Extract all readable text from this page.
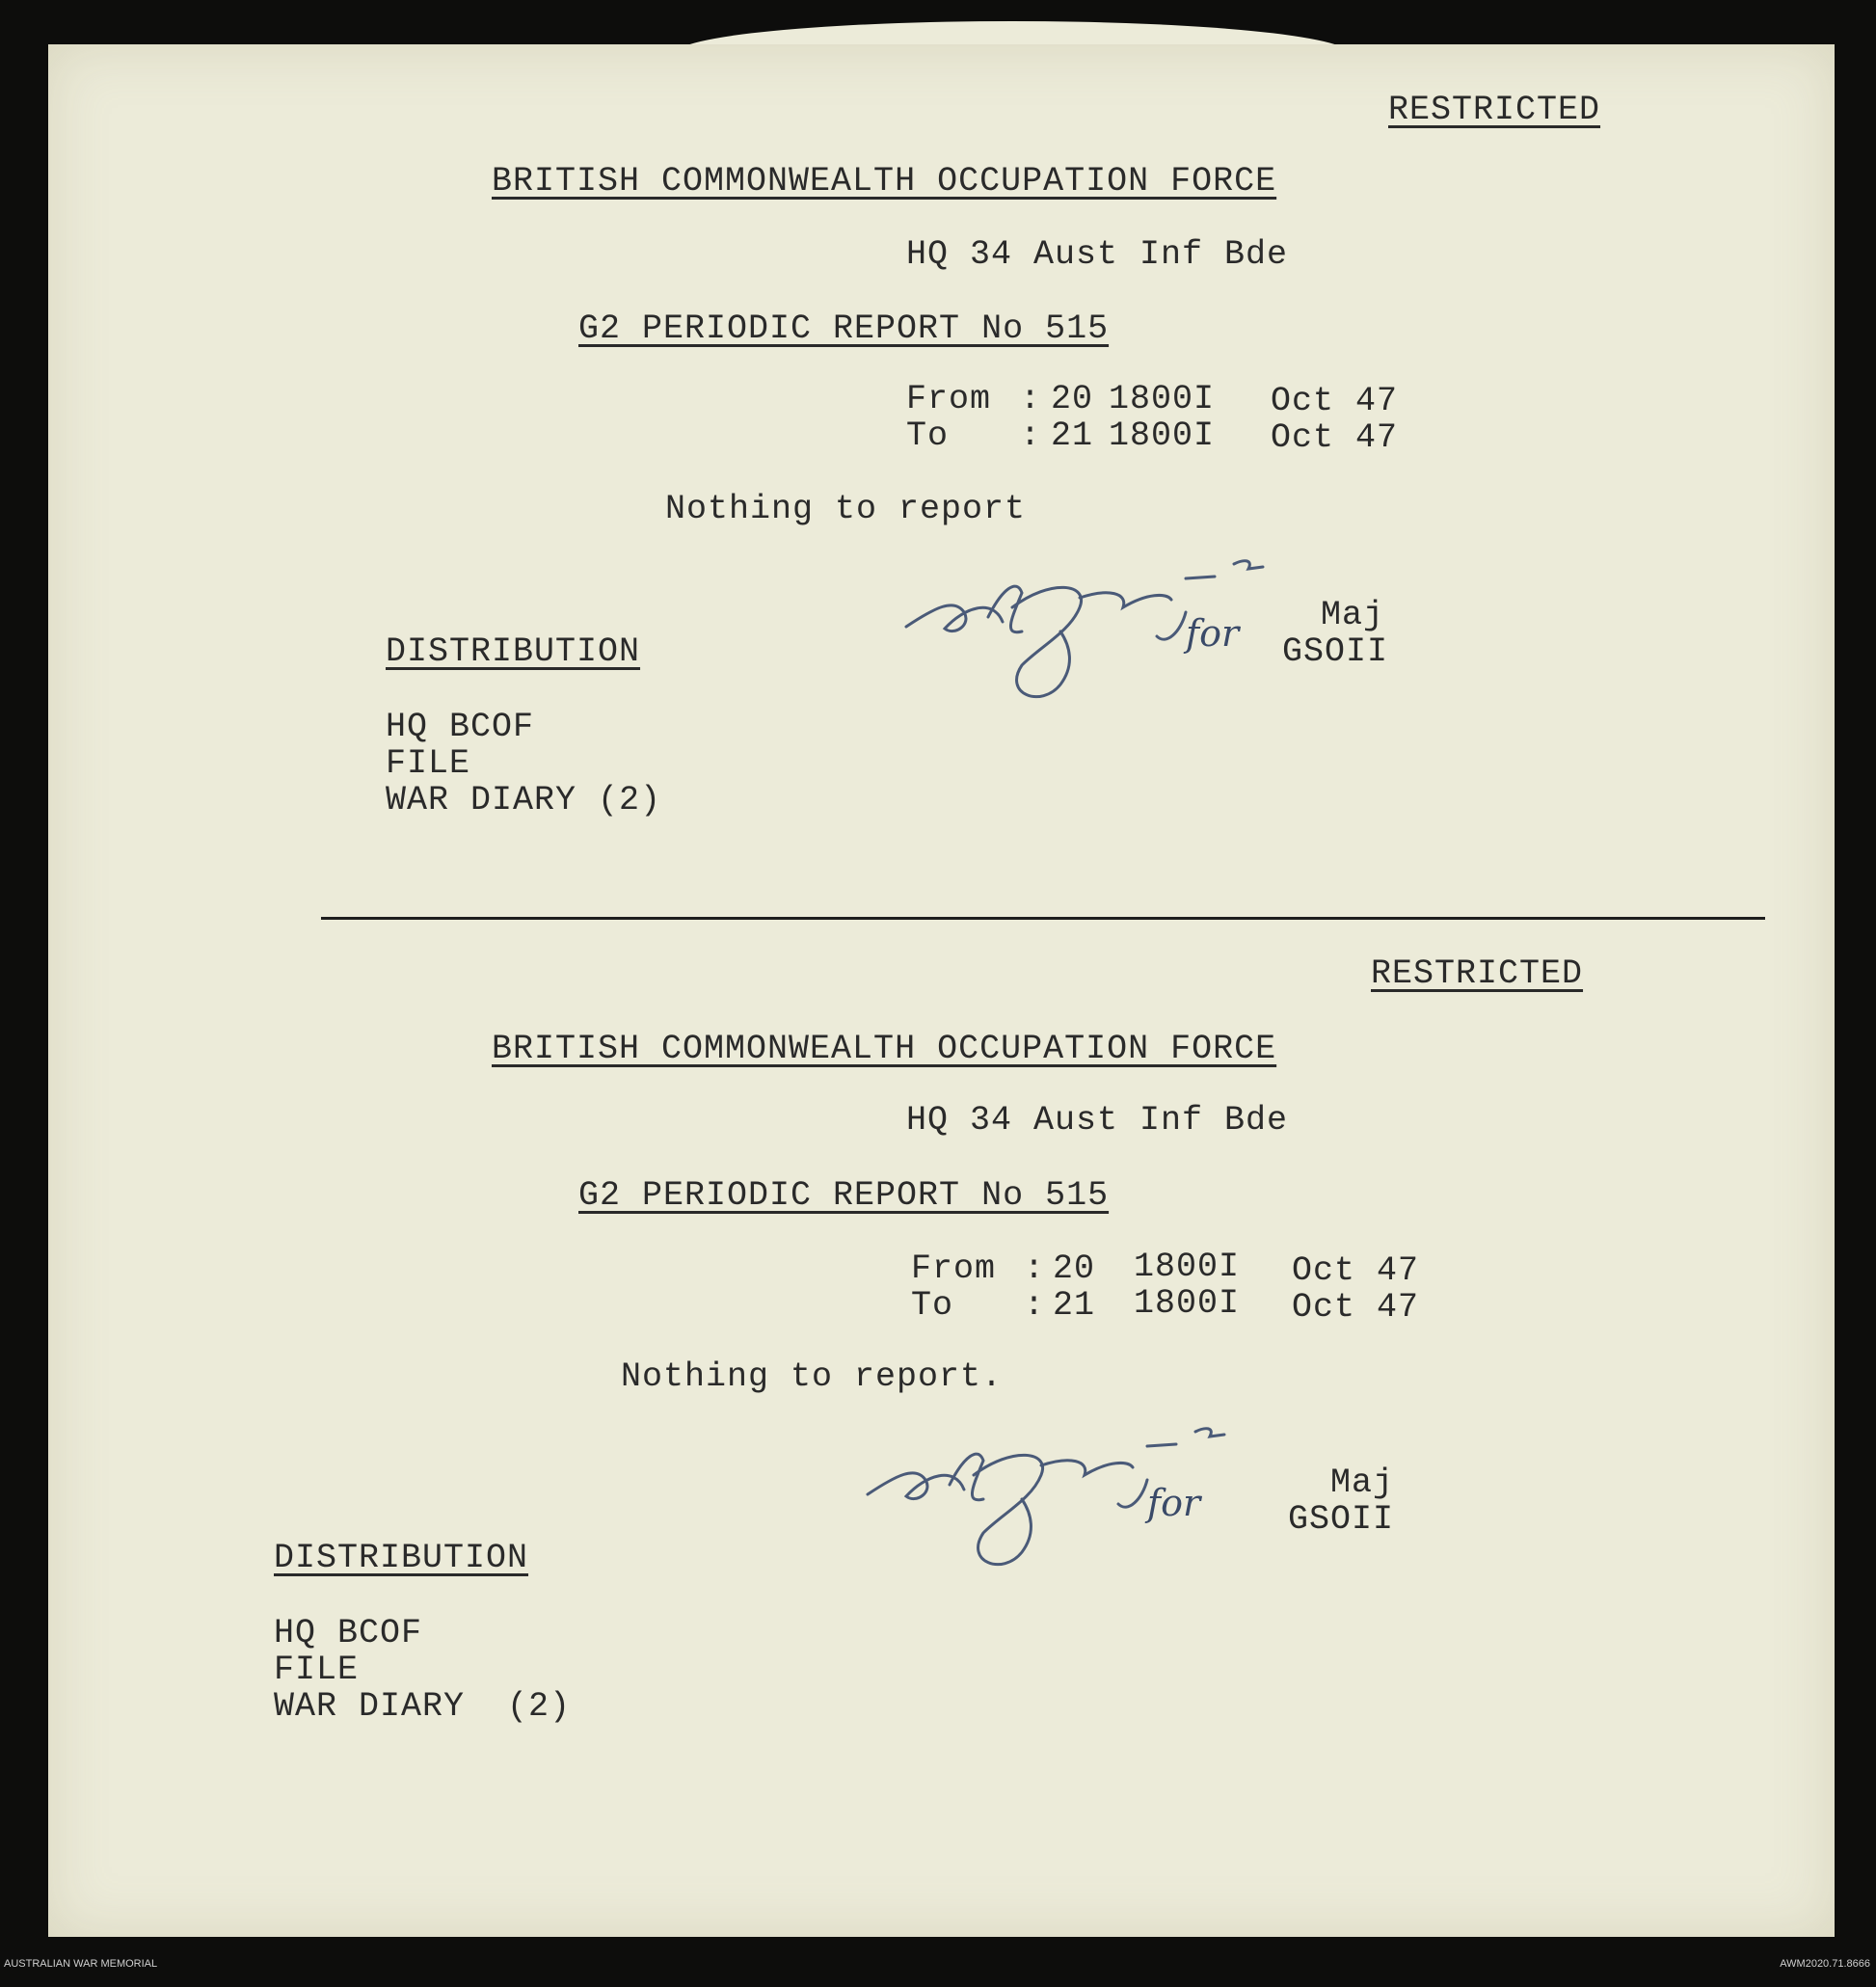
RESTRICTED
BRITISH COMMONWEALTH OCCUPATION FORCE
HQ 34 Aust Inf Bde
G2 PERIODIC REPORT No 515
From : 20 1800I Oct 47
To : 21 1800I Oct 47
Nothing to report
for Maj
GSOII
DISTRIBUTION
HQ BCOF
FILE
WAR DIARY (2)
RESTRICTED
BRITISH COMMONWEALTH OCCUPATION FORCE
HQ 34 Aust Inf Bde
G2 PERIODIC REPORT No 515
From : 20 1800I Oct 47
To : 21 1800I Oct 47
Nothing to report.
for	Maj
GSOII
DISTRIBUTION
HQ BCOF
FILE
WAR DIARY  (2)
AUSTRALIAN WAR MEMORIAL	AWM2020.71.8666
